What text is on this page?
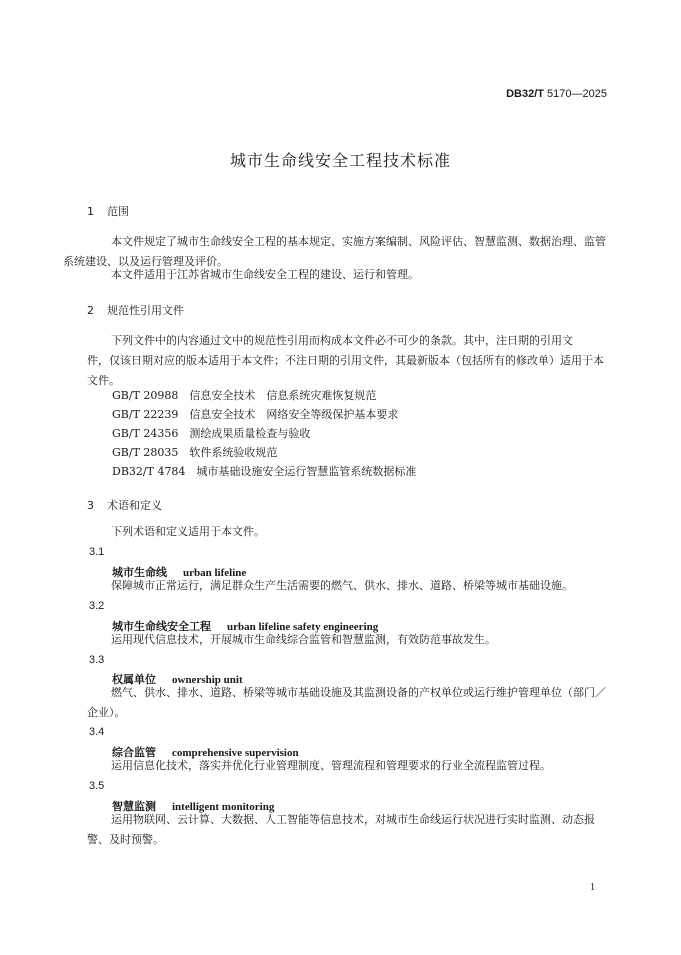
DB32/T 5170—2025
城市生命线安全工程技术标准
1 范围
本文件规定了城市生命线安全工程的基本规定、实施方案编制、风险评估、智慧监测、数据治理、监管
系统建设、以及运行管理及评价。
本文件适用于江苏省城市生命线安全工程的建设、运行和管理。
2 规范性引用文件
下列文件中的内容通过文中的规范性引用而构成本文件必不可少的条款。其中，注日期的引用文
件，仅该日期对应的版本适用于本文件；不注日期的引用文件，其最新版本（包括所有的修改单）适用于本
文件。
GB/T 20988　 信息安全技术　信息系统灾难恢复规范
GB/T 22239　 信息安全技术　网络安全等级保护基本要求
GB/T 24356　 测绘成果质量检查与验收
GB/T 28035　 软件系统验收规范
DB32/T 4784　 城市基础设施安全运行智慧监管系统数据标准
3 术语和定义
下列术语和定义适用于本文件。
3.1
城市生命线 urban lifeline
保障城市正常运行，满足群众生产生活需要的燃气、供水、排水、道路、桥梁等城市基础设施。
3.2
城市生命线安全工程 urban lifeline safety engineering
运用现代信息技术，开展城市生命线综合监管和智慧监测，有效防范事故发生。
3.3
权属单位 ownership unit
燃气、供水、排水、道路、桥梁等城市基础设施及其监测设备的产权单位或运行维护管理单位（部门／
企业）。
3.4
综合监管 comprehensive supervision
运用信息化技术，落实并优化行业管理制度、管理流程和管理要求的行业全流程监管过程。
3.5
智慧监测 intelligent monitoring
运用物联网、云计算、大数据、人工智能等信息技术，对城市生命线运行状况进行实时监测、动态报
警、及时预警。
1
